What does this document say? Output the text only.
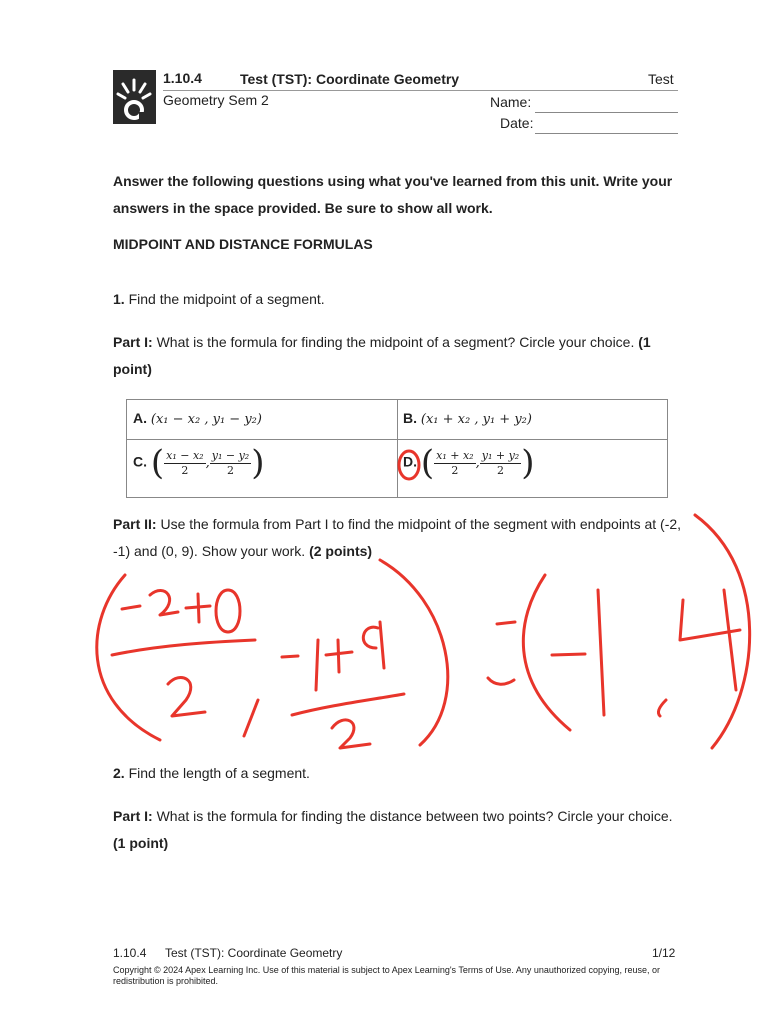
1.10.4	Test (TST): Coordinate Geometry	Test
Geometry Sem 2	Name:
Date:
Answer the following questions using what you've learned from this unit. Write your answers in the space provided. Be sure to show all work.
MIDPOINT AND DISTANCE FORMULAS
1. Find the midpoint of a segment.
Part I: What is the formula for finding the midpoint of a segment? Circle your choice. (1 point)
A. (x₁ − x₂ , y₁ − y₂)	B. (x₁ + x₂ , y₁ + y₂)
C. ( $\frac{\text{x₁ − x₂}}{2}$ , $\frac{\text{y₁ − y₂}}{2}$ )	D. ( $\frac{\text{x₁ + x₂}}{2}$ , $\frac{\text{y₁ + y₂}}{2}$ )
Part II: Use the formula from Part I to find the midpoint of the segment with endpoints at (-2, -1) and (0, 9). Show your work. (2 points)
2. Find the length of a segment.
Part I: What is the formula for finding the distance between two points? Circle your choice. (1 point)
1.10.4 Test (TST): Coordinate Geometry	1/12
Copyright © 2024 Apex Learning Inc. Use of this material is subject to Apex Learning's Terms of Use. Any unauthorized copying, reuse, or redistribution is prohibited.
